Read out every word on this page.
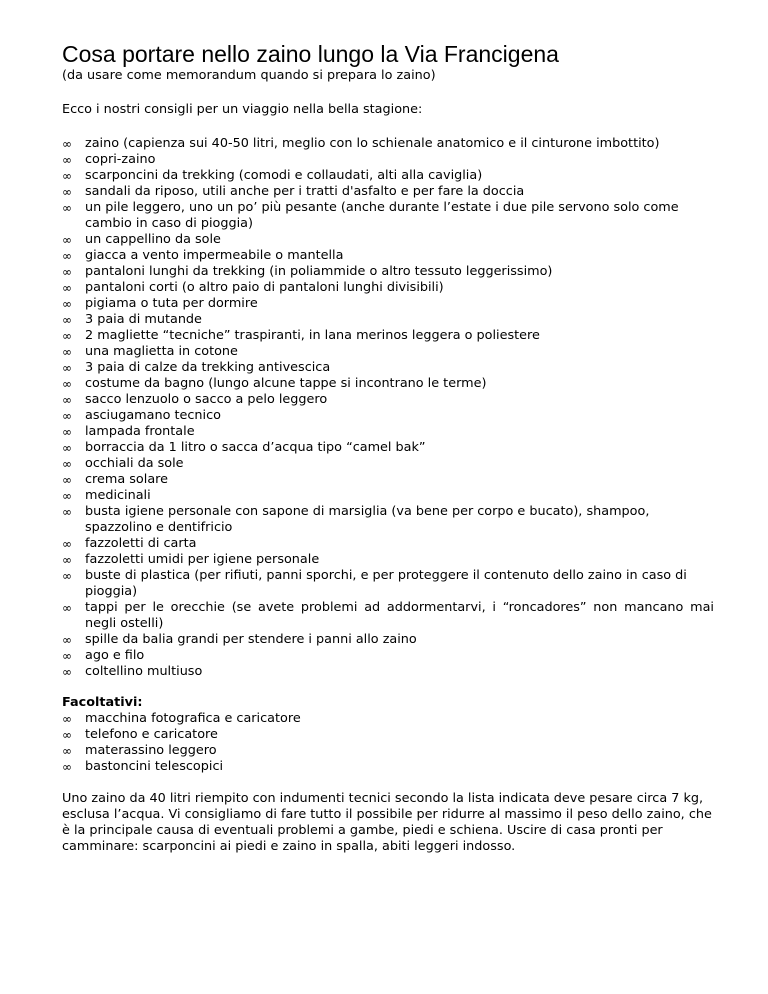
Cosa portare nello zaino lungo la Via Francigena

(da usare come memorandum quando si prepara lo zaino)

Ecco i nostri consigli per un viaggio nella bella stagione:

∞	zaino (capienza sui 40-50 litri, meglio con lo schienale anatomico e il cinturone imbottito)
∞	copri-zaino
∞	scarponcini da trekking (comodi e collaudati, alti alla caviglia)
∞	sandali da riposo, utili anche per i tratti d'asfalto e per fare la doccia
∞	un pile leggero, uno un po’ più pesante (anche durante l’estate i due pile servono solo come cambio in caso di pioggia)
∞	un cappellino da sole
∞	giacca a vento impermeabile o mantella
∞	pantaloni lunghi da trekking (in poliammide o altro tessuto leggerissimo)
∞	pantaloni corti (o altro paio di pantaloni lunghi divisibili)
∞	pigiama o tuta per dormire
∞	3 paia di mutande
∞	2 magliette “tecniche” traspiranti, in lana merinos leggera o poliestere
∞	una maglietta in cotone
∞	3 paia di calze da trekking antivescica
∞	costume da bagno (lungo alcune tappe si incontrano le terme)
∞	sacco lenzuolo o sacco a pelo leggero
∞	asciugamano tecnico
∞	lampada frontale
∞	borraccia da 1 litro o sacca d’acqua tipo “camel bak”
∞	occhiali da sole
∞	crema solare
∞	medicinali
∞	busta igiene personale con sapone di marsiglia (va bene per corpo e bucato), shampoo, spazzolino e dentifricio
∞	fazzoletti di carta
∞	fazzoletti umidi per igiene personale
∞	buste di plastica (per rifiuti, panni sporchi, e per proteggere il contenuto dello zaino in caso di pioggia)
∞	tappi per le orecchie (se avete problemi ad addormentarvi, i “roncadores” non mancano mai negli ostelli)
∞	spille da balia grandi per stendere i panni allo zaino
∞	ago e filo
∞	coltellino multiuso

Facoltativi:

∞	macchina fotografica e caricatore
∞	telefono e caricatore
∞	materassino leggero
∞	bastoncini telescopici

Uno zaino da 40 litri riempito con indumenti tecnici secondo la lista indicata deve pesare circa 7 kg, esclusa l’acqua. Vi consigliamo di fare tutto il possibile per ridurre al massimo il peso dello zaino, che è la principale causa di eventuali problemi a gambe, piedi e schiena. Uscire di casa pronti per camminare: scarponcini ai piedi e zaino in spalla, abiti leggeri indosso.
